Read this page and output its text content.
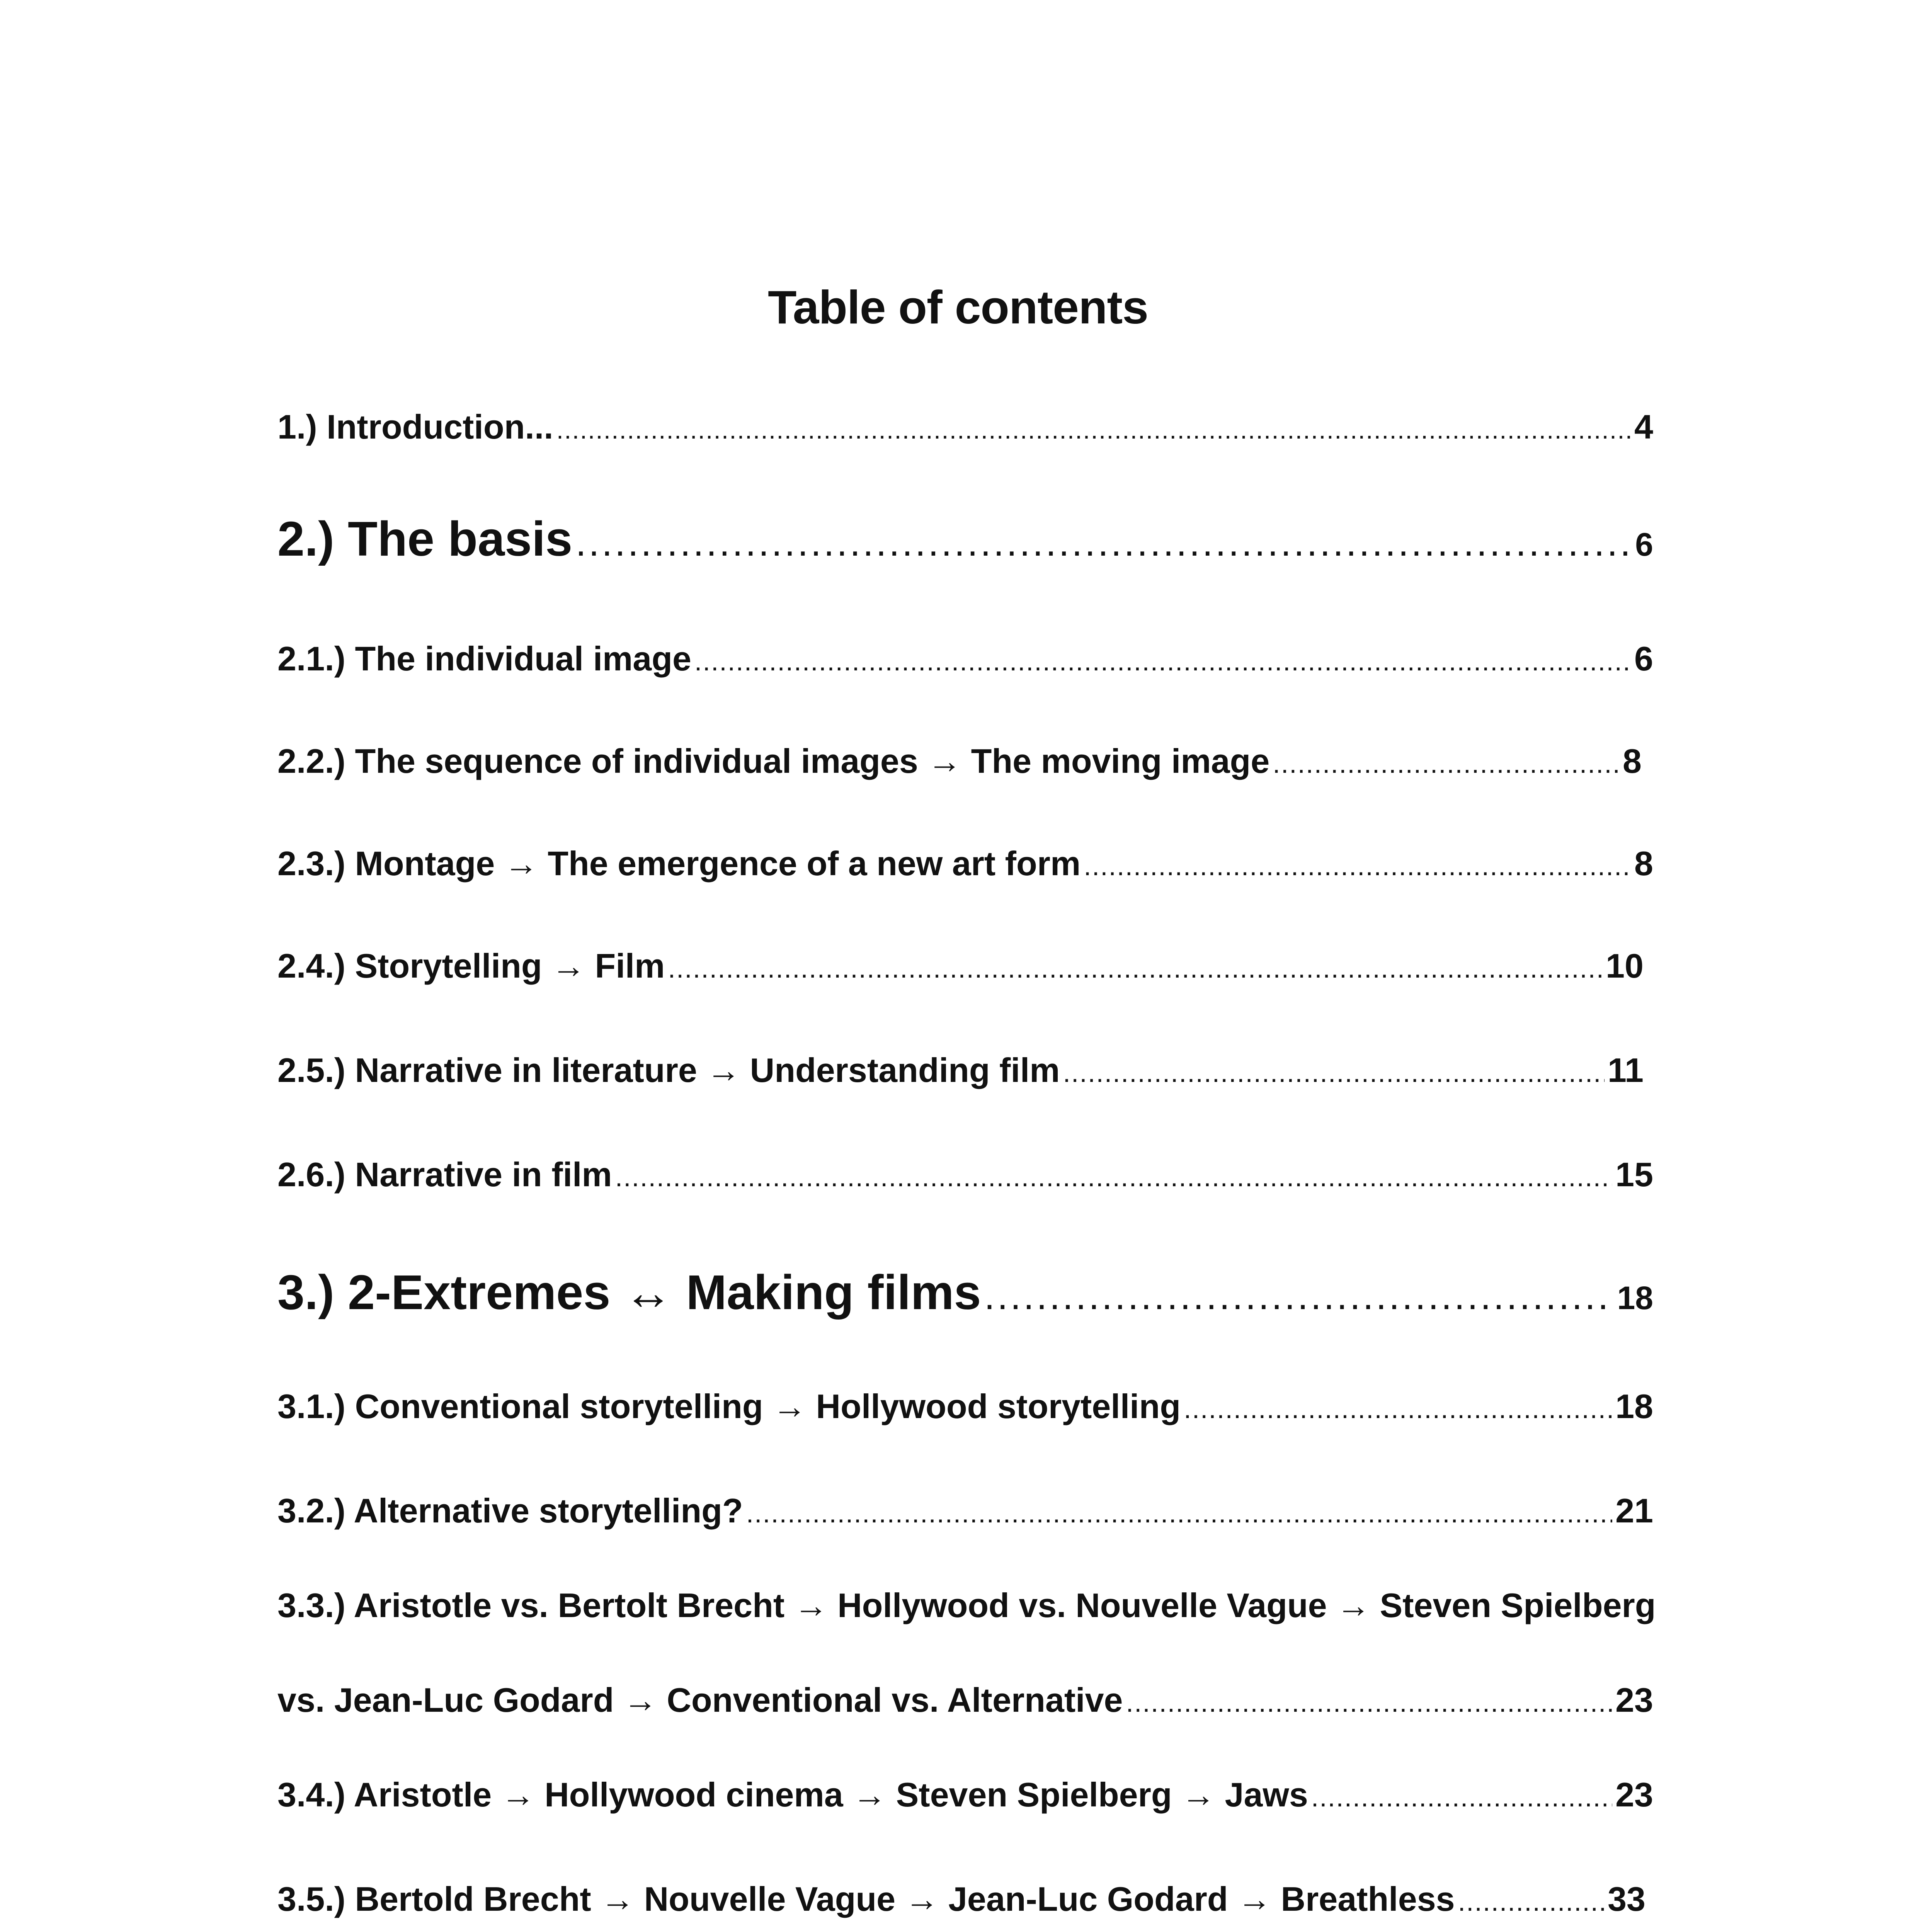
Table of contents
1.) Introduction... .....	4
2.) The basis .....	6
2.1.) The individual image .....	6
2.2.) The sequence of individual images → The moving image .....	8
2.3.) Montage → The emergence of a new art form .....	8
2.4.) Storytelling → Film .....	10
2.5.) Narrative in literature → Understanding film .....	11
2.6.) Narrative in film .....	15
3.) 2-Extremes ↔ Making films .....	18
3.1.) Conventional storytelling → Hollywood storytelling .....	18
3.2.) Alternative storytelling? .....	21
3.3.) Aristotle vs. Bertolt Brecht → Hollywood vs. Nouvelle Vague → Steven Spielberg
vs. Jean-Luc Godard → Conventional vs. Alternative .....	23
3.4.) Aristotle → Hollywood cinema → Steven Spielberg → Jaws .....	23
3.5.) Bertold Brecht → Nouvelle Vague → Jean-Luc Godard → Breathless .....	33
